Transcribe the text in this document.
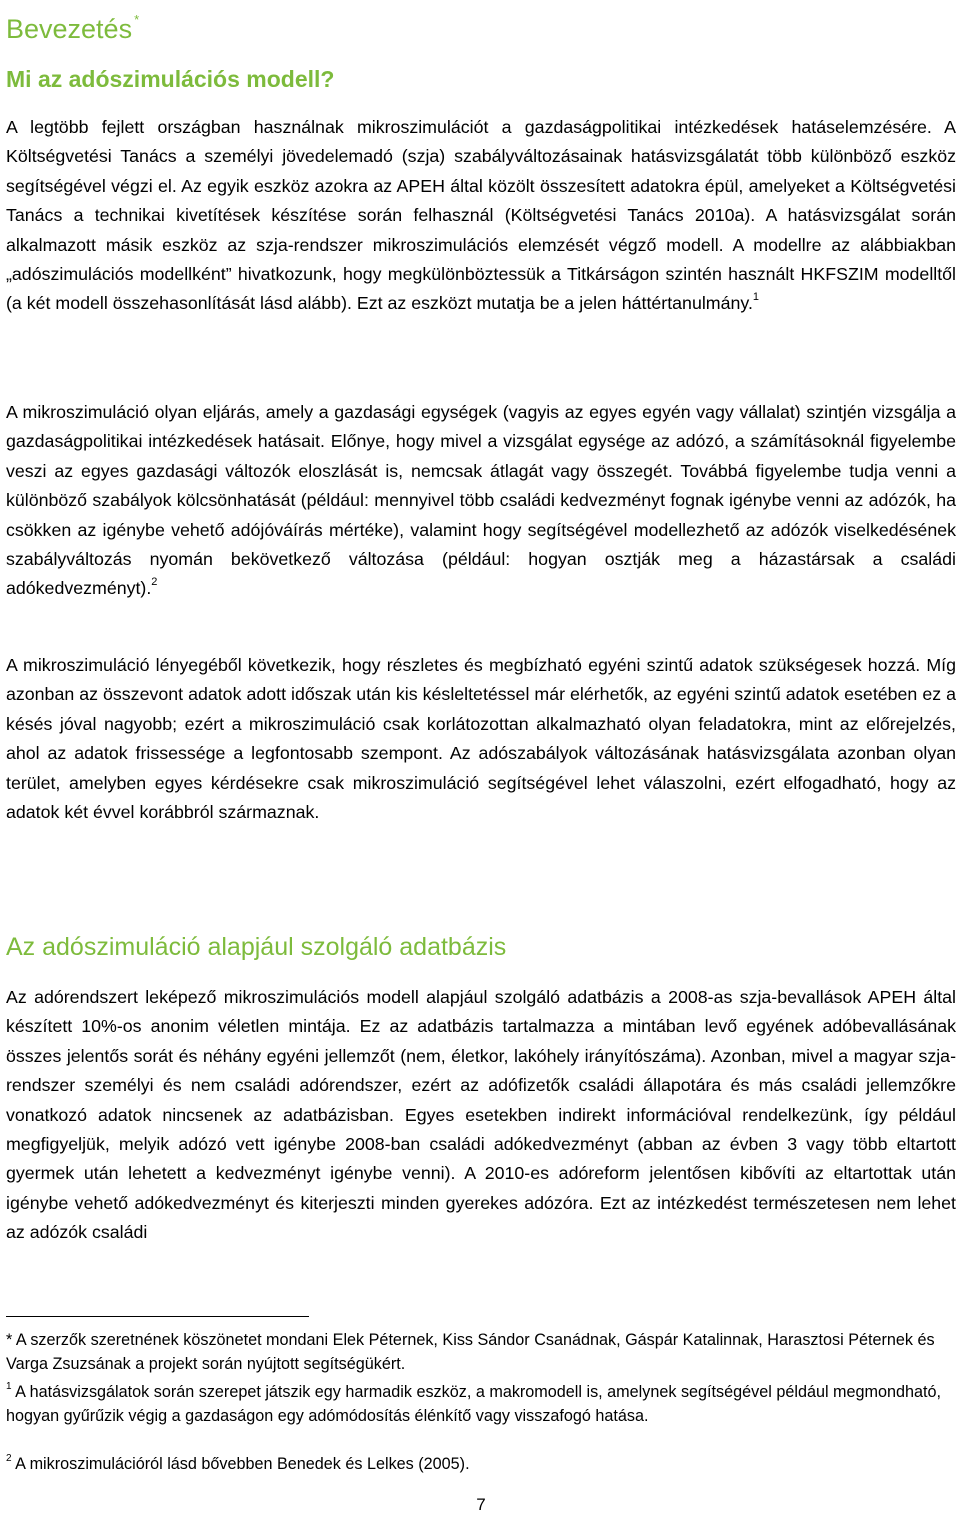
Bevezetés *
Mi az adószimulációs modell?

A legtöbb fejlett országban használnak mikroszimulációt a gazdaságpolitikai intézkedések hatáselemzésére. A Költségvetési Tanács a személyi jövedelemadó (szja) szabályváltozásainak hatásvizsgálatát több különböző eszköz segítségével végzi el. Az egyik eszköz azokra az APEH által közölt összesített adatokra épül, amelyeket a Költségvetési Tanács a technikai kivetítések készítése során felhasznál (Költségvetési Tanács 2010a). A hatásvizsgálat során alkalmazott másik eszköz az szja-rendszer mikroszimulációs elemzését végző modell. A modellre az alábbiakban „adószimulációs modellként” hivatkozunk, hogy megkülönböztessük a Titkárságon szintén használt HKFSZIM modelltől (a két modell összehasonlítását lásd alább). Ezt az eszközt mutatja be a jelen háttértanulmány.$^1$

A mikroszimuláció olyan eljárás, amely a gazdasági egységek (vagyis az egyes egyén vagy vállalat) szintjén vizsgálja a gazdaságpolitikai intézkedések hatásait. Előnye, hogy mivel a vizsgálat egysége az adózó, a számításoknál figyelembe veszi az egyes gazdasági változók eloszlását is, nemcsak átlagát vagy összegét. Továbbá figyelembe tudja venni a különböző szabályok kölcsönhatását (például: mennyivel több családi kedvezményt fognak igénybe venni az adózók, ha csökken az igénybe vehető adójóváírás mértéke), valamint hogy segítségével modellezhető az adózók viselkedésének szabályváltozás nyomán bekövetkező változása (például: hogyan osztják meg a házastársak a családi adókedvezményt).$^2$

A mikroszimuláció lényegéből következik, hogy részletes és megbízható egyéni szintű adatok szükségesek hozzá. Míg azonban az összevont adatok adott időszak után kis késleltetéssel már elérhetők, az egyéni szintű adatok esetében ez a késés jóval nagyobb; ezért a mikroszimuláció csak korlátozottan alkalmazható olyan feladatokra, mint az előrejelzés, ahol az adatok frissessége a legfontosabb szempont. Az adószabályok változásának hatásvizsgálata azonban olyan terület, amelyben egyes kérdésekre csak mikroszimuláció segítségével lehet válaszolni, ezért elfogadható, hogy az adatok két évvel korábbról származnak.

Az adószimuláció alapjául szolgáló adatbázis

Az adórendszert leképező mikroszimulációs modell alapjául szolgáló adatbázis a 2008-as szja-bevallások APEH által készített 10%-os anonim véletlen mintája. Ez az adatbázis tartalmazza a mintában levő egyének adóbevallásának összes jelentős sorát és néhány egyéni jellemzőt (nem, életkor, lakóhely irányítószáma). Azonban, mivel a magyar szja-rendszer személyi és nem családi adórendszer, ezért az adófizetők családi állapotára és más családi jellemzőkre vonatkozó adatok nincsenek az adatbázisban. Egyes esetekben indirekt információval rendelkezünk, így például megfigyeljük, melyik adózó vett igénybe 2008-ban családi adókedvezményt (abban az évben 3 vagy több eltartott gyermek után lehetett a kedvezményt igénybe venni). A 2010-es adóreform jelentősen kibővíti az eltartottak után igénybe vehető adókedvezményt és kiterjeszti minden gyerekes adózóra. Ezt az intézkedést természetesen nem lehet az adózók családi

* A szerzők szeretnének köszönetet mondani Elek Péternek, Kiss Sándor Csanádnak, Gáspár Katalinnak, Harasztosi Péternek és Varga Zsuzsának a projekt során nyújtott segítségükért.

$^1$ A hatásvizsgálatok során szerepet játszik egy harmadik eszköz, a makromodell is, amelynek segítségével például megmondható, hogyan gyűrűzik végig a gazdaságon egy adómódosítás élénkítő vagy visszafogó hatása.

$^2$ A mikroszimulációról lásd bővebben Benedek és Lelkes (2005).

7
